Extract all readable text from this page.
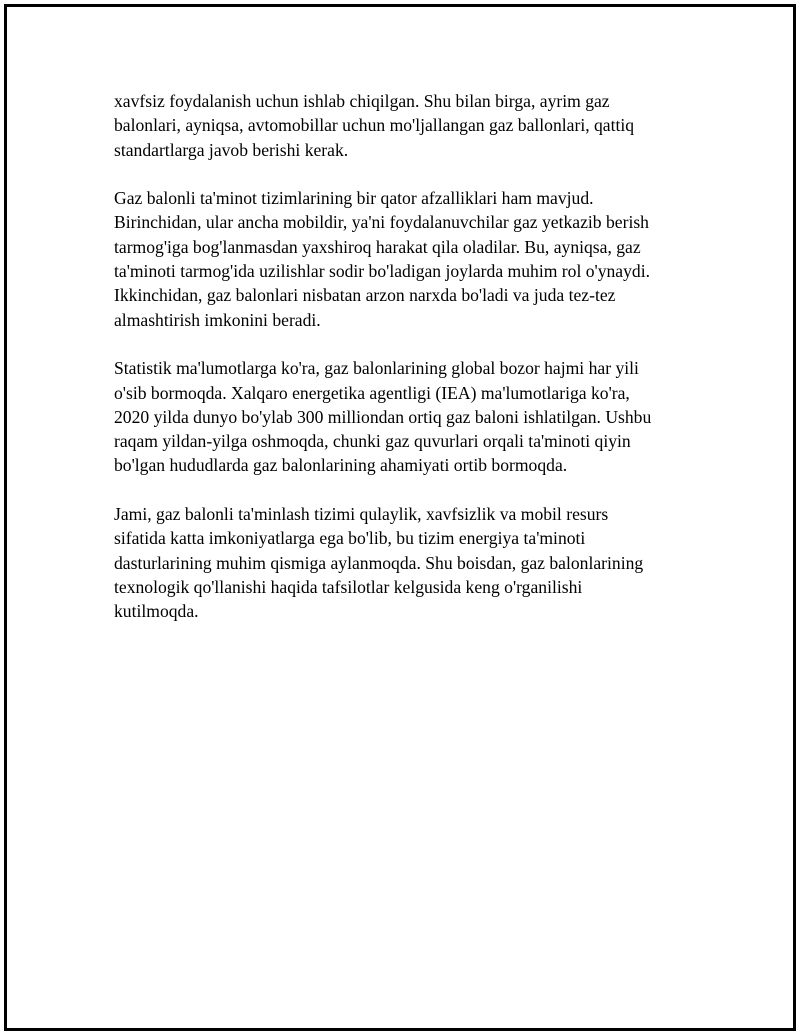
xavfsiz foydalanish uchun ishlab chiqilgan. Shu bilan birga, ayrim gaz
balonlari, ayniqsa, avtomobillar uchun mo'ljallangan gaz ballonlari, qattiq
standartlarga javob berishi kerak.

Gaz balonli ta'minot tizimlarining bir qator afzalliklari ham mavjud.
Birinchidan, ular ancha mobildir, ya'ni foydalanuvchilar gaz yetkazib berish
tarmog'iga bog'lanmasdan yaxshiroq harakat qila oladilar. Bu, ayniqsa, gaz
ta'minoti tarmog'ida uzilishlar sodir bo'ladigan joylarda muhim rol o'ynaydi.
Ikkinchidan, gaz balonlari nisbatan arzon narxda bo'ladi va juda tez-tez
almashtirish imkonini beradi.

Statistik ma'lumotlarga ko'ra, gaz balonlarining global bozor hajmi har yili
o'sib bormoqda. Xalqaro energetika agentligi (IEA) ma'lumotlariga ko'ra,
2020 yilda dunyo bo'ylab 300 milliondan ortiq gaz baloni ishlatilgan. Ushbu
raqam yildan-yilga oshmoqda, chunki gaz quvurlari orqali ta'minoti qiyin
bo'lgan hududlarda gaz balonlarining ahamiyati ortib bormoqda.

Jami, gaz balonli ta'minlash tizimi qulaylik, xavfsizlik va mobil resurs
sifatida katta imkoniyatlarga ega bo'lib, bu tizim energiya ta'minoti
dasturlarining muhim qismiga aylanmoqda. Shu boisdan, gaz balonlarining
texnologik qo'llanishi haqida tafsilotlar kelgusida keng o'rganilishi
kutilmoqda.
